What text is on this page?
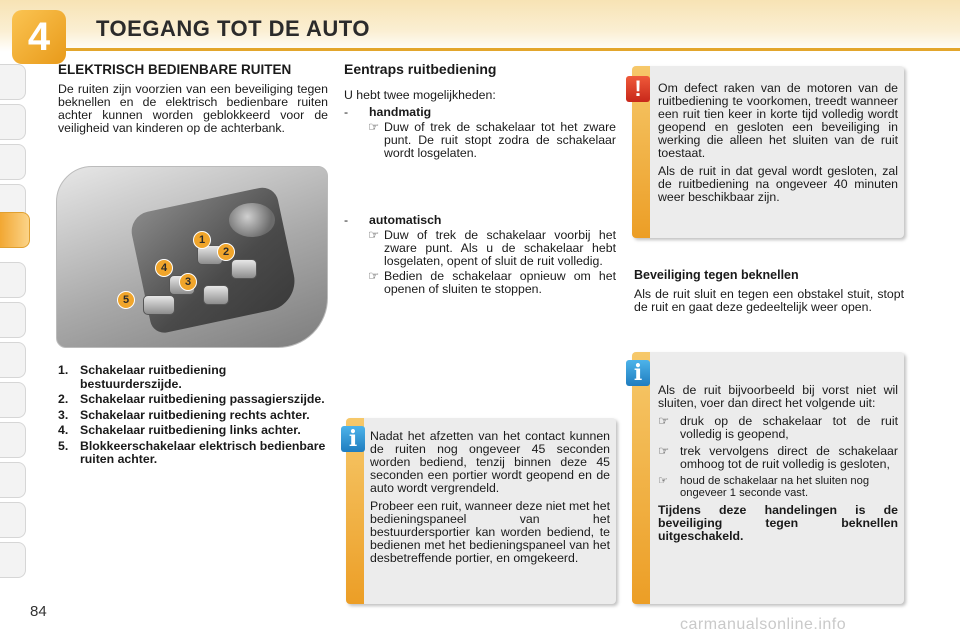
4	TOEGANG TOT DE AUTO
ELEKTRISCH BEDIENBARE RUITEN
De ruiten zijn voorzien van een beveiliging tegen beknellen en de elektrisch bedienbare ruiten achter kunnen worden geblokkeerd voor de veiligheid van kinderen op de achterbank.
1
2
3
4
5
1. Schakelaar ruitbediening bestuurderszijde.
2. Schakelaar ruitbediening passagierszijde.
3. Schakelaar ruitbediening rechts achter.
4. Schakelaar ruitbediening links achter.
5. Blokkeerschakelaar elektrisch bedienbare ruiten achter.
Eentraps ruitbediening
U hebt twee mogelijkheden:
-	handmatig
☞ Duw of trek de schakelaar tot het zware punt. De ruit stopt zodra de schakelaar wordt losgelaten.
-	automatisch
☞ Duw of trek de schakelaar voorbij het zware punt. Als u de schakelaar hebt losgelaten, opent of sluit de ruit volledig.
☞ Bedien de schakelaar opnieuw om het openen of sluiten te stoppen.

Om defect raken van de motoren van de ruitbediening te voorkomen, treedt wanneer een ruit tien keer in korte tijd volledig wordt geopend en gesloten een beveiliging in werking die alleen het sluiten van de ruit toestaat.

Als de ruit in dat geval wordt gesloten, zal de ruitbediening na ongeveer 40 minuten weer beschikbaar zijn.

!
Beveiliging tegen beknellen
Als de ruit sluit en tegen een obstakel stuit, stopt de ruit en gaat deze gedeeltelijk weer open.

Als de ruit bijvoorbeeld bij vorst niet wil sluiten, voer dan direct het volgende uit:

☞ druk op de schakelaar tot de ruit volledig is geopend,
☞ trek vervolgens direct de schakelaar omhoog tot de ruit volledig is gesloten,
☞	houd de schakelaar na het sluiten nog ongeveer 1 seconde vast.

Tijdens deze handelingen is de beveiliging tegen beknellen uitgeschakeld.

i

Nadat het afzetten van het contact kunnen de ruiten nog ongeveer 45 seconden worden bediend, tenzij binnen deze 45 seconden een portier wordt geopend en de auto wordt vergrendeld.

Probeer een ruit, wanneer deze niet met het bedieningspaneel van het bestuurdersportier kan worden bediend, te bedienen met het bedieningspaneel van het desbetreffende portier, en omgekeerd.

i
84
carmanualsonline.info
